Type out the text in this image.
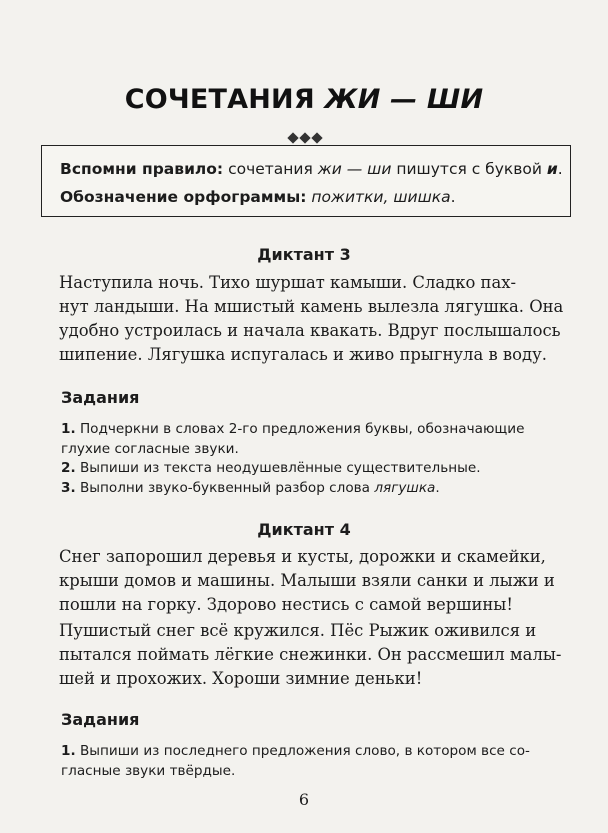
СОЧЕТАНИЯ ЖИ — ШИ
Вспомни правило: сочетания жи — ши пишутся с буквой и.
Обозначение орфограммы: пожитки, шишка.
Диктант 3
Наступила ночь. Тихо шуршат камыши. Сладко пах-
нут ландыши. На мшистый камень вылезла лягушка. Она
удобно устроилась и начала квакать. Вдруг послышалось
шипение. Лягушка испугалась и живо прыгнула в воду.
Задания
1. Подчеркни в словах 2-го предложения буквы, обозначающие
глухие согласные звуки.
2. Выпиши из текста неодушевлённые существительные.
3. Выполни звуко-буквенный разбор слова лягушка.
Диктант 4
Снег запорошил деревья и кусты, дорожки и скамейки,
крыши домов и машины. Малыши взяли санки и лыжи и
пошли на горку. Здорово нестись с самой вершины!
Пушистый снег всё кружился. Пёс Рыжик оживился и
пытался поймать лёгкие снежинки. Он рассмешил малы-
шей и прохожих. Хороши зимние деньки!
Задания
1. Выпиши из последнего предложения слово, в котором все со-
гласные звуки твёрдые.
6
